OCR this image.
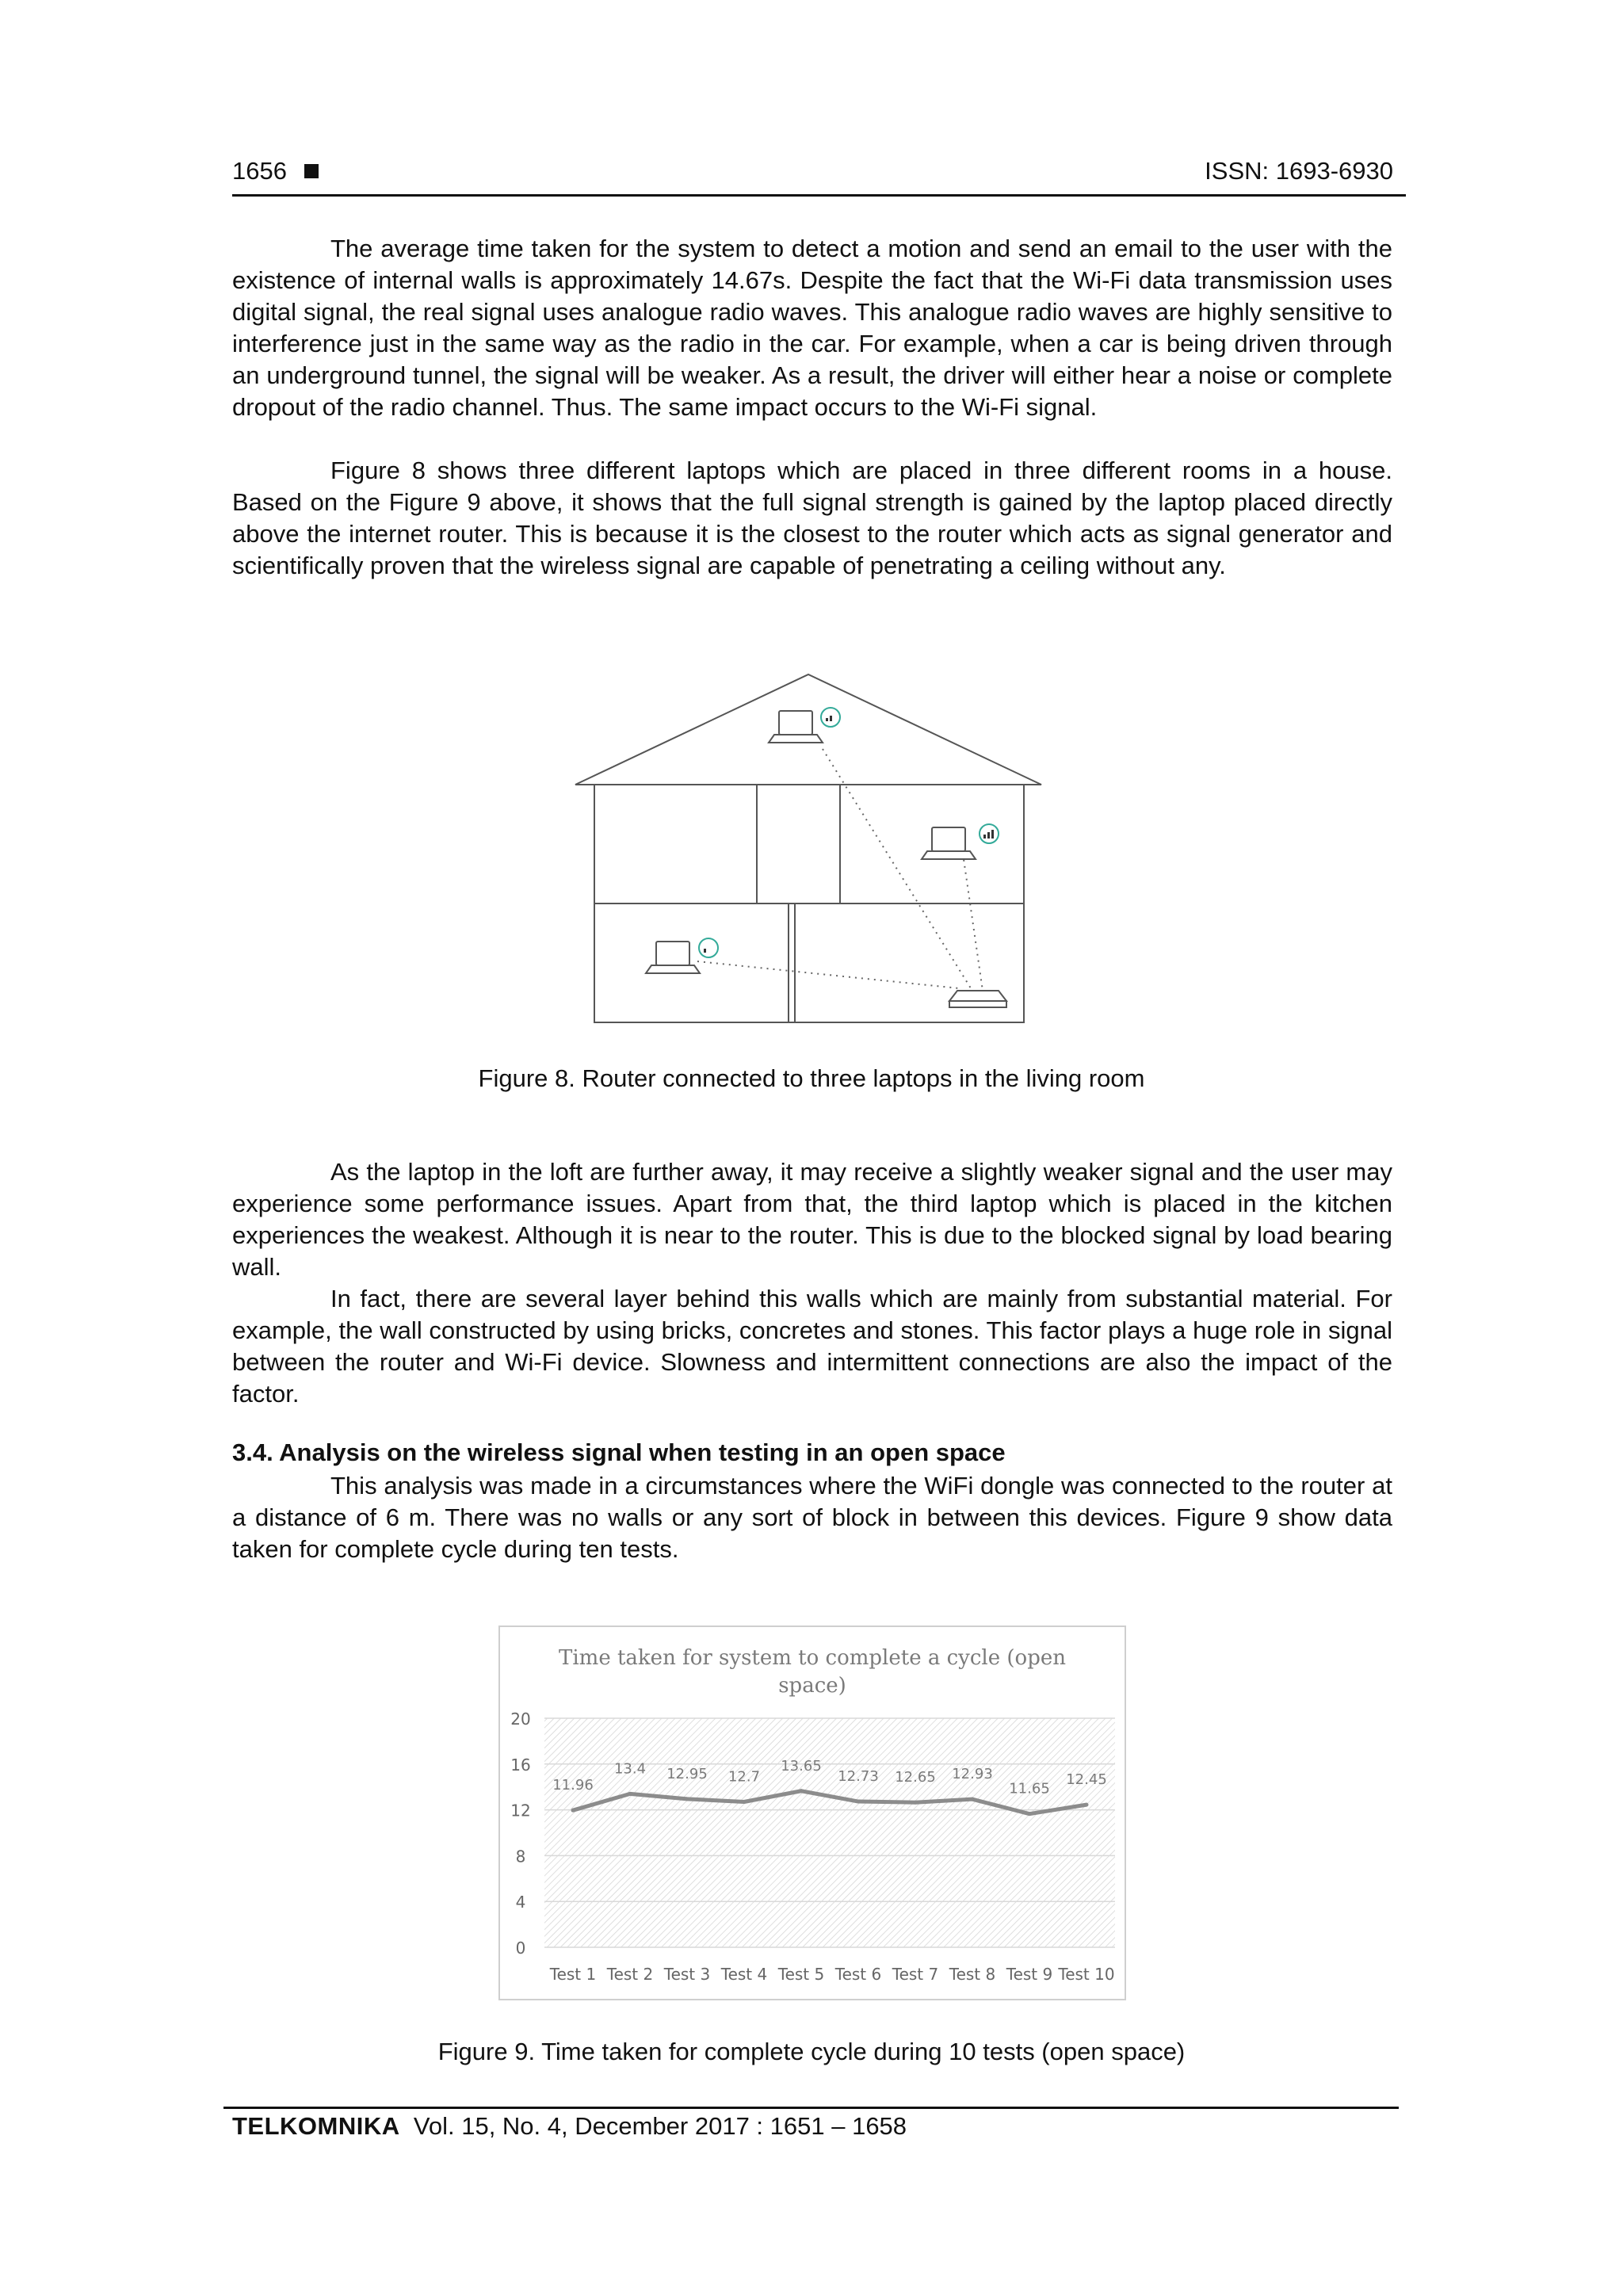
1656	ISSN: 1693-6930

The average time taken for the system to detect a motion and send an email to the user with the existence of internal walls is approximately 14.67s. Despite the fact that the Wi-Fi data transmission uses digital signal, the real signal uses analogue radio waves. This analogue radio waves are highly sensitive to interference just in the same way as the radio in the car. For example, when a car is being driven through an underground tunnel, the signal will be weaker. As a result, the driver will either hear a noise or complete dropout of the radio channel. Thus. The same impact occurs to the Wi-Fi signal.

Figure 8 shows three different laptops which are placed in three different rooms in a house. Based on the Figure 9 above, it shows that the full signal strength is gained by the laptop placed directly above the internet router. This is because it is the closest to the router which acts as signal generator and scientifically proven that the wireless signal are capable of penetrating a ceiling without any.

Figure 8. Router connected to three laptops in the living room

As the laptop in the loft are further away, it may receive a slightly weaker signal and the user may experience some performance issues. Apart from that, the third laptop which is placed in the kitchen experiences the weakest. Although it is near to the router. This is due to the blocked signal by load bearing wall.

In fact, there are several layer behind this walls which are mainly from substantial material. For example, the wall constructed by using bricks, concretes and stones. This factor plays a huge role in signal between the router and Wi-Fi device. Slowness and intermittent connections are also the impact of the factor.

3.4. Analysis on the wireless signal when testing in an open space

This analysis was made in a circumstances where the WiFi dongle was connected to the router at a distance of 6 m. There was no walls or any sort of block in between this devices. Figure 9 show data taken for complete cycle during ten tests.

Time taken for system to complete a cycle (open
space)
0
4
8
12
16
20
Test 1 Test 2 Test 3 Test 4 Test 5 Test 6 Test 7 Test 8 Test 9 Test 10
11.96
13.4 12.95 12.7
13.65
12.73 12.65 12.93
11.65
12.45
Figure 9. Time taken for complete cycle during 10 tests (open space)
TELKOMNIKA Vol. 15, No. 4, December 2017 : 1651 – 1658
